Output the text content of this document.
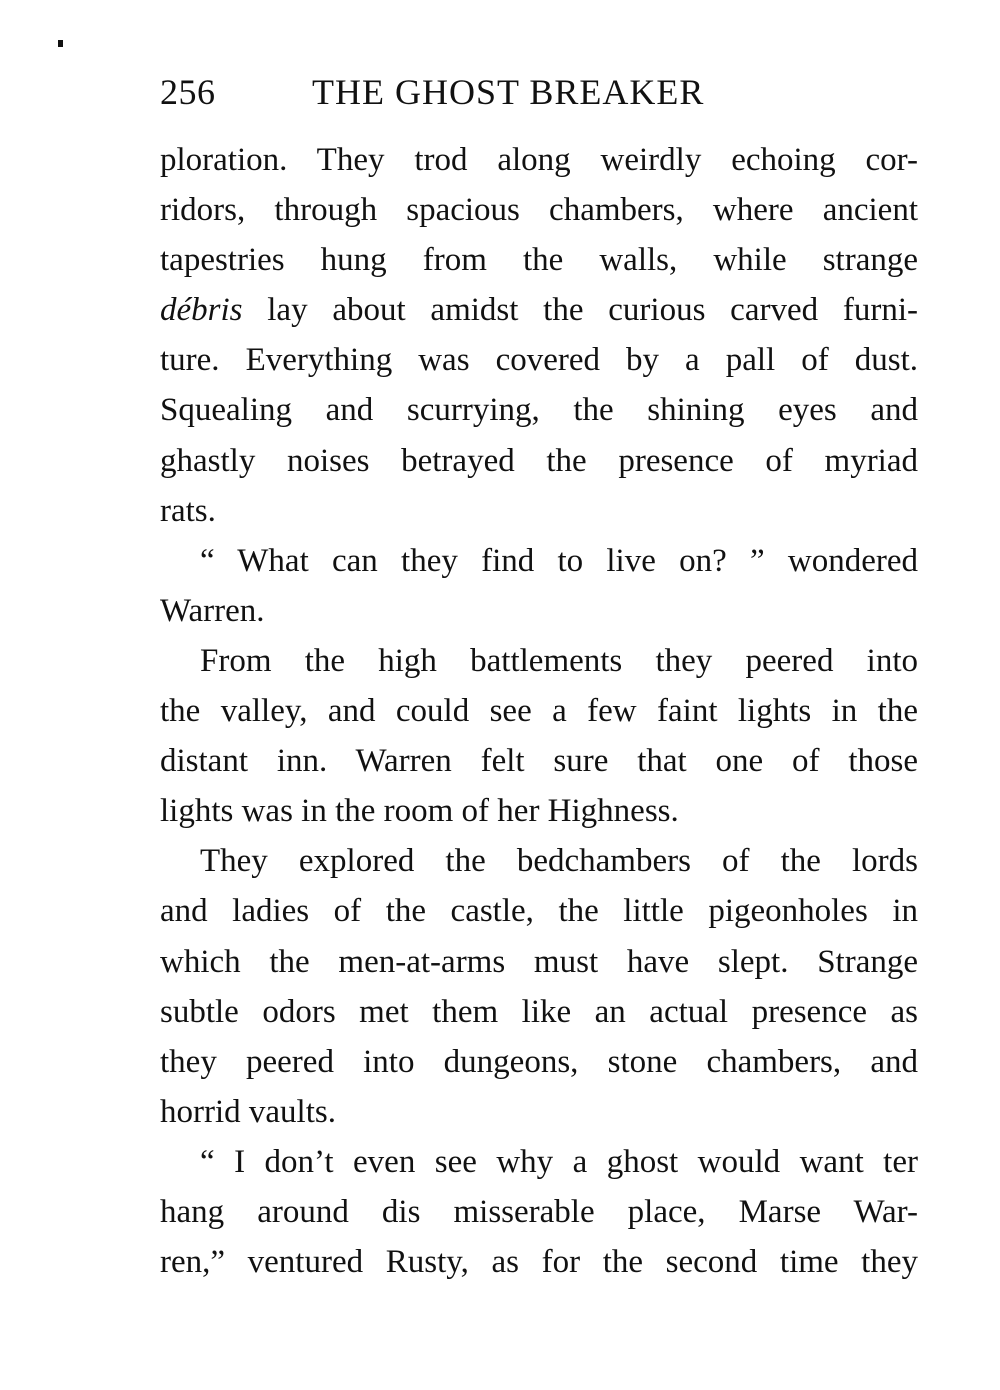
256	THE GHOST BREAKER
ploration. They trod along weirdly echoing cor-
ridors, through spacious chambers, where ancient
tapestries hung from the walls, while strange
débris lay about amidst the curious carved furni-
ture. Everything was covered by a pall of dust.
Squealing and scurrying, the shining eyes and
ghastly noises betrayed the presence of myriad
rats.
“ What can they find to live on? ” wondered
Warren.
From the high battlements they peered into
the valley, and could see a few faint lights in the
distant inn. Warren felt sure that one of those
lights was in the room of her Highness.
They explored the bedchambers of the lords
and ladies of the castle, the little pigeonholes in
which the men-at-arms must have slept. Strange
subtle odors met them like an actual presence as
they peered into dungeons, stone chambers, and
horrid vaults.
“ I don’t even see why a ghost would want ter
hang around dis misserable place, Marse War-
ren,” ventured Rusty, as for the second time they
